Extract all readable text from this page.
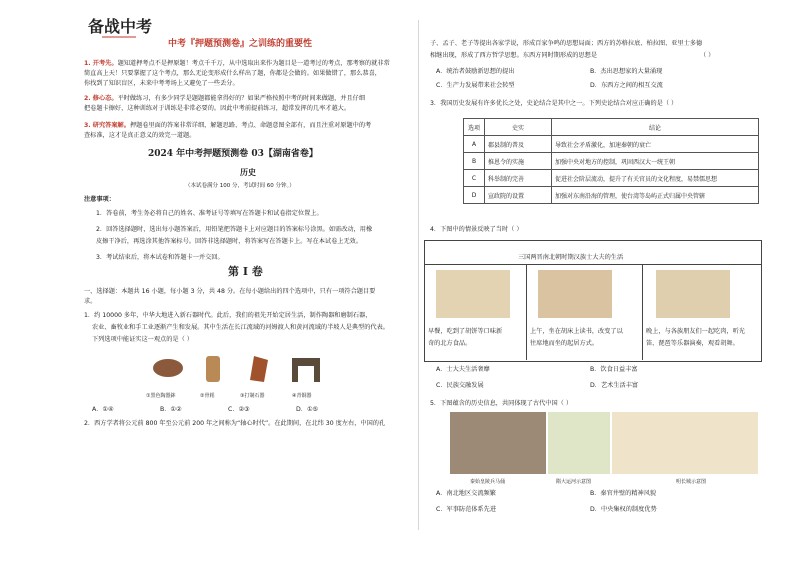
备战中考
中考『押题预测卷』之训练的重要性
1. 开考先。题知道押考点不是押原题！考点千千万，从中选取出来作为题目是一道考过的考点，那考察的就非常
简直高上天！只要掌握了这个考点，那么无论变形成什么样出了题，你都是会做的。如果做错了，那么恭喜，
你找到了知识盲区，未来中考考场上又避免了一些丢分。
2. 修心态。平时做练习，有多少同学是题题都能拿得好的？如果严格按照中考的时间来做题，并且仔细
把卷题卡擦好，这种训练对于训练是非常必要的。因此中考前提前练习，超常发挥的几率才越大。
3. 研究答案解。押题卷里面的答案非常详细，解题思路、考点、命题意图全部有，而且注重对原题中的考
查标准，这才是真正意义的效完一道题。
2024 年中考押题预测卷 03【湖南省卷】
历史
（本试卷满分 100 分，考试时间 60 分钟。）
注意事项：
1．答卷前，考生务必将自己的姓名、准考证号等填写在答题卡和试卷指定位置上。
2．回答选择题时，选出每小题答案后，用铅笔把答题卡上对应题目的答案标号涂黑。如需改动，用橡
皮擦干净后，再选涂其他答案标号。回答非选择题时，将答案写在答题卡上。写在本试卷上无效。
3．考试结束后，将本试卷和答题卡一并交回。
第 I 卷
一、选择题：本题共 16 小题，每小题 3 分，共 48 分。在每小题给出的四个选项中，只有一项符合题目要
求。
1．约 10000 多年，中华大地进入新石器时代。此后，我们的祖先开始定居生活，制作陶器和磨制石器，
农业、畜牧业和手工业逐渐产生和发展。其中生活在长江流域的河姆渡人和黄河流域的半坡人是典型的代表。
下列选项中能证实这一观点的是（ ）
①黑色陶器鉢	②骨耜	③打制石器	④青铜器
A．①④	B．①②	C．②③	D．①⑤
2．西方学者将公元前 800 年至公元前 200 年之间称为“轴心时代”。在此期间，在北纬 30 度左右，中国的孔
子、孟子、老子等提出各家学说，形成百家争鸣的思想局面；西方的苏格拉底、柏拉图、亚里士多德
相继出现，形成了西方哲学思想。东西方同时期形成的思想是	（ ）
A．统治者鼓励新思想的提出	B．杰出思想家的大量涌现
C．生产力发展带来社会转型	D．东西方之间的相互交流
3．我国历史发展有许多优长之处，史论结合是其中之一。下列史论结合对应正确的是（ ）
选项	史实	结论
A	郡县制的普及	导致社会矛盾激化，加速秦朝的衰亡
B	推恩令的实施	加强中央对地方的控制，巩固西汉大一统王朝
C	科举制的完善	促进社会阶层流动，提升了有关官员的文化程度，易禁儒思想
D	宣政院的设置	加强对东南沿海的管理，使台湾等岛屿正式归属中央管辖
4．下图中的情景反映了当时（ ）
三国两晋南北朝时期汉族士大夫的生活
早餐，吃到了胡饼等口味新
奇的北方食品。
上午，坐在胡床上读书，改变了以
往席地而坐的起居方式。
晚上，与各族朋友们一起吃肉，听光
笛、琵琶等乐器演奏，观看胡舞。
A．士大夫生活奢靡	B．饮食日益丰富
C．民族交融发展	D．艺术生活丰富
5．下图蕴含的历史信息，共同体现了古代中国（ ）
秦始皇陵兵马俑	隋大运河示意图	明长城示意图
A．南北地区交流频繁	B．秦官井壁的精神风貌
C．军事防范体系先进	D．中央集权的制度优势
